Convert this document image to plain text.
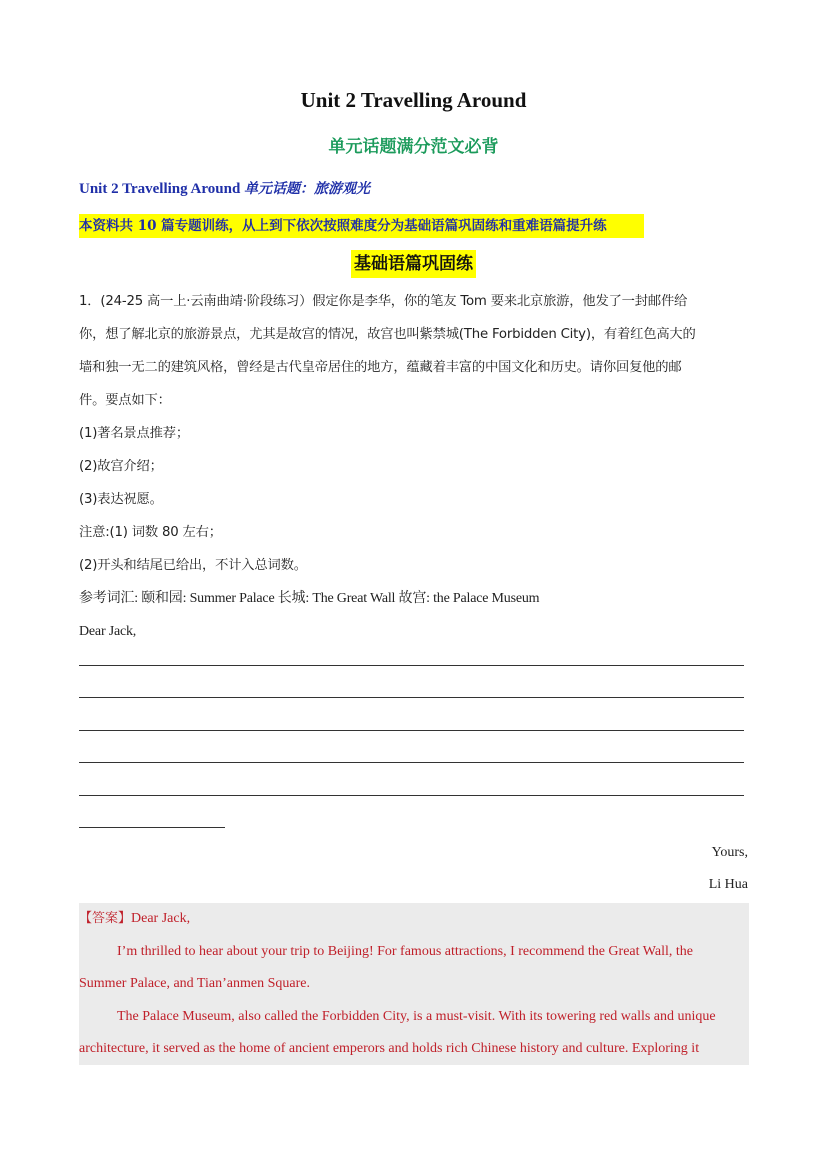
Unit 2 Travelling Around
单元话题满分范文必背
Unit 2 Travelling Around 单元话题：旅游观光
本资料共 10 篇专题训练，从上到下依次按照难度分为基础语篇巩固练和重难语篇提升练
基础语篇巩固练
1．(24-25 高一上·云南曲靖·阶段练习）假定你是李华，你的笔友 Tom 要来北京旅游，他发了一封邮件给
你，想了解北京的旅游景点，尤其是故宫的情况，故宫也叫紫禁城(The Forbidden City)，有着红色高大的
墙和独一无二的建筑风格，曾经是古代皇帝居住的地方，蕴藏着丰富的中国文化和历史。请你回复他的邮
件。要点如下：
(1)著名景点推荐；
(2)故宫介绍；
(3)表达祝愿。
注意:(1) 词数 80 左右；
(2)开头和结尾已给出，不计入总词数。
参考词汇: 颐和园: Summer Palace 长城: The Great Wall 故宫: the Palace Museum
Dear Jack,
Yours,
Li Hua
【答案】Dear Jack,
I’m thrilled to hear about your trip to Beijing! For famous attractions, I recommend the Great Wall, the
Summer Palace, and Tian’anmen Square.
The Palace Museum, also called the Forbidden City, is a must-visit. With its towering red walls and unique
architecture, it served as the home of ancient emperors and holds rich Chinese history and culture. Exploring it
